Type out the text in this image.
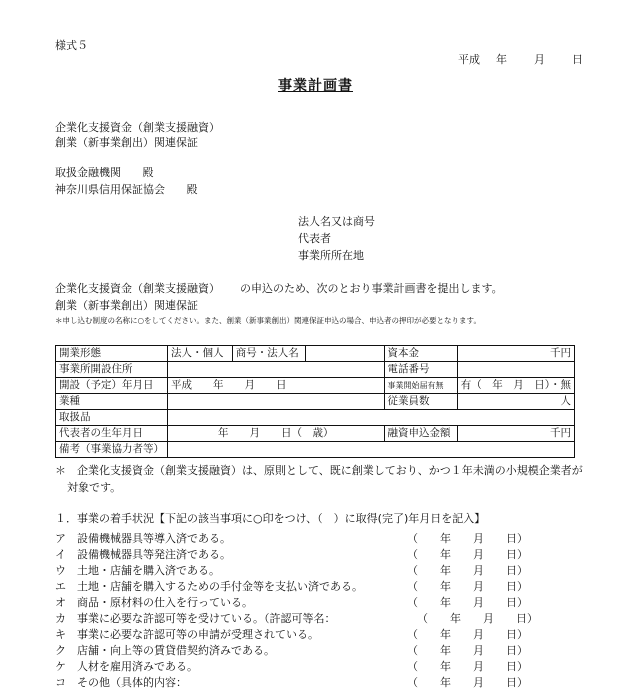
様式５
平成 年 月 日
事業計画書
企業化支援資金（創業支援融資）
創業（新事業創出）関連保証
取扱金融機関 殿
神奈川県信用保証協会 殿
法人名又は商号
代表者
事業所所在地
企業化支援資金（創業支援融資） の申込のため、次のとおり事業計画書を提出します。
創業（新事業創出）関連保証
＊申し込む制度の名称に○をしてください。また、創業（新事業創出）関連保証申込の場合、申込者の押印が必要となります。
開業形態	法人・個人	商号・法人名		資本金	千円
事業所開設住所				電話番号	
開設（予定）年月日	平成　　年　　月　　日			事業開始届有無	有（　年　月　日）・無
業種				従業員数	人
取扱品					
代表者の生年月日	年　　月　　日（　歳）			融資申込金額	千円
備考（事業協力者等）					
＊　企業化支援資金（創業支援融資）は、原則として、既に創業しており、かつ１年未満の小規模企業者が
対象です。
１．事業の着手状況【下記の該当事項に○印をつけ、（　）に取得(完了)年月日を記入】
ア　 設備機械器具等導入済である。	（　　年　　月　　日）
イ　 設備機械器具等発注済である。	（　　年　　月　　日）
ウ　 土地・店舗を購入済である。	（　　年　　月　　日）
エ　 土地・店舗を購入するための手付金等を支払い済である。	（　　年　　月　　日）
オ　 商品・原材料の仕入を行っている。	（　　年　　月　　日）
カ　 事業に必要な許認可等を受けている。（許認可等名：	（　　年　　月　　日）
キ　 事業に必要な許認可等の申請が受理されている。	（　　年　　月　　日）
ク　 店舗・向上等の賃貸借契約済みである。	（　　年　　月　　日）
ケ　 人材を雇用済みである。	（　　年　　月　　日）
コ　 その他（具体的内容：	（　　年　　月　　日）
